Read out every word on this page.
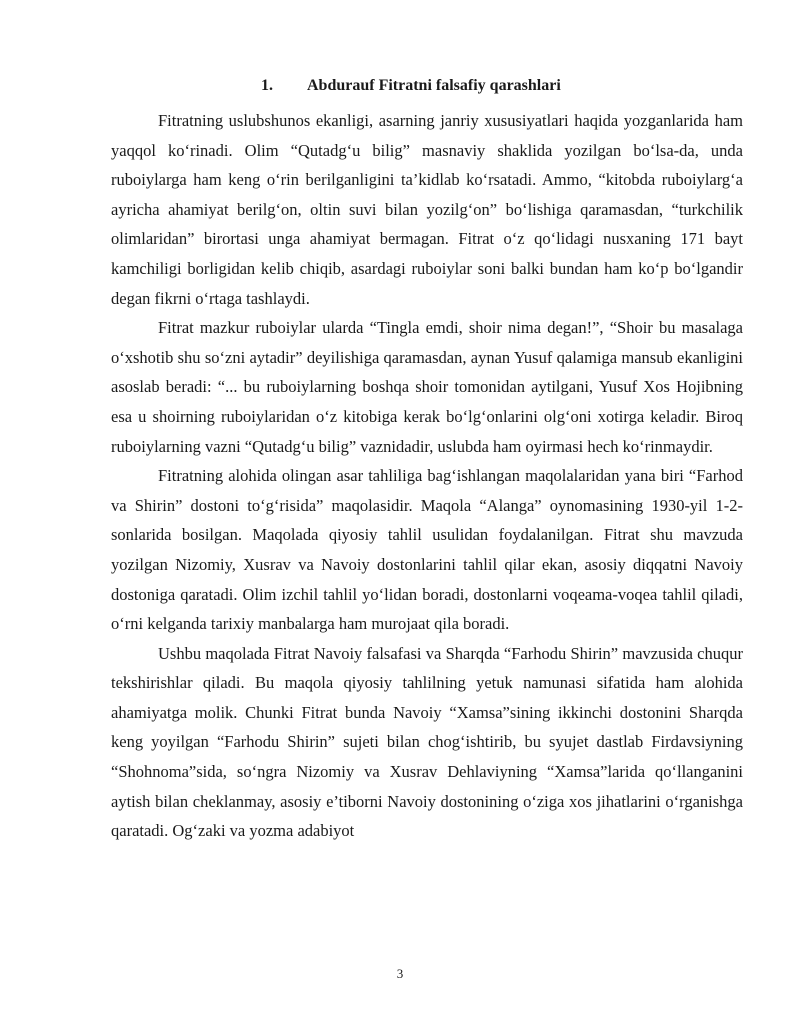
1. Abdurauf Fitratni falsafiy qarashlari

Fitratning uslubshunos ekanligi, asarning janriy xususiyatlari haqida yozganlarida ham yaqqol ko‘rinadi. Olim “Qutadg‘u bilig” masnaviy shaklida yozilgan bo‘lsa-da, unda ruboiylarga ham keng o‘rin berilganligini ta’kidlab ko‘rsatadi. Ammo, “kitobda ruboiylarg‘a ayricha ahamiyat berilg‘on, oltin suvi bilan yozilg‘on” bo‘lishiga qaramasdan, “turkchilik olimlaridan” birortasi unga ahamiyat bermagan. Fitrat o‘z qo‘lidagi nusxaning 171 bayt kamchiligi borligidan kelib chiqib, asardagi ruboiylar soni balki bundan ham ko‘p bo‘lgandir degan fikrni o‘rtaga tashlaydi.

Fitrat mazkur ruboiylar ularda “Tingla emdi, shoir nima degan!”, “Shoir bu masalaga o‘xshotib shu so‘zni aytadir” deyilishiga qaramasdan, aynan Yusuf qalamiga mansub ekanligini asoslab beradi: “... bu ruboiylarning boshqa shoir tomonidan aytilgani, Yusuf Xos Hojibning esa u shoirning ruboiylaridan o‘z kitobiga kerak bo‘lg‘onlarini olg‘oni xotirga keladir. Biroq ruboiylarning vazni “Qutadg‘u bilig” vaznidadir, uslubda ham oyirmasi hech ko‘rinmaydir.

Fitratning alohida olingan asar tahliliga bag‘ishlangan maqolalaridan yana biri “Farhod va Shirin” dostoni to‘g‘risida” maqolasidir. Maqola “Alanga” oynomasining 1930-yil 1-2-sonlarida bosilgan. Maqolada qiyosiy tahlil usulidan foydalanilgan. Fitrat shu mavzuda yozilgan Nizomiy, Xusrav va Navoiy dostonlarini tahlil qilar ekan, asosiy diqqatni Navoiy dostoniga qaratadi. Olim izchil tahlil yo‘lidan boradi, dostonlarni voqeama-voqea tahlil qiladi, o‘rni kelganda tarixiy manbalarga ham murojaat qila boradi.

Ushbu maqolada Fitrat Navoiy falsafasi va Sharqda “Farhodu Shirin” mavzusida chuqur tekshirishlar qiladi. Bu maqola qiyosiy tahlilning yetuk namunasi sifatida ham alohida ahamiyatga molik. Chunki Fitrat bunda Navoiy “Xamsa”sining ikkinchi dostonini Sharqda keng yoyilgan “Farhodu Shirin” sujeti bilan chog‘ishtirib, bu syujet dastlab Firdavsiyning “Shohnoma”sida, so‘ngra Nizomiy va Xusrav Dehlaviyning “Xamsa”larida qo‘llanganini aytish bilan cheklanmay, asosiy e’tiborni Navoiy dostonining o‘ziga xos jihatlarini o‘rganishga qaratadi. Og‘zaki va yozma adabiyot

3
